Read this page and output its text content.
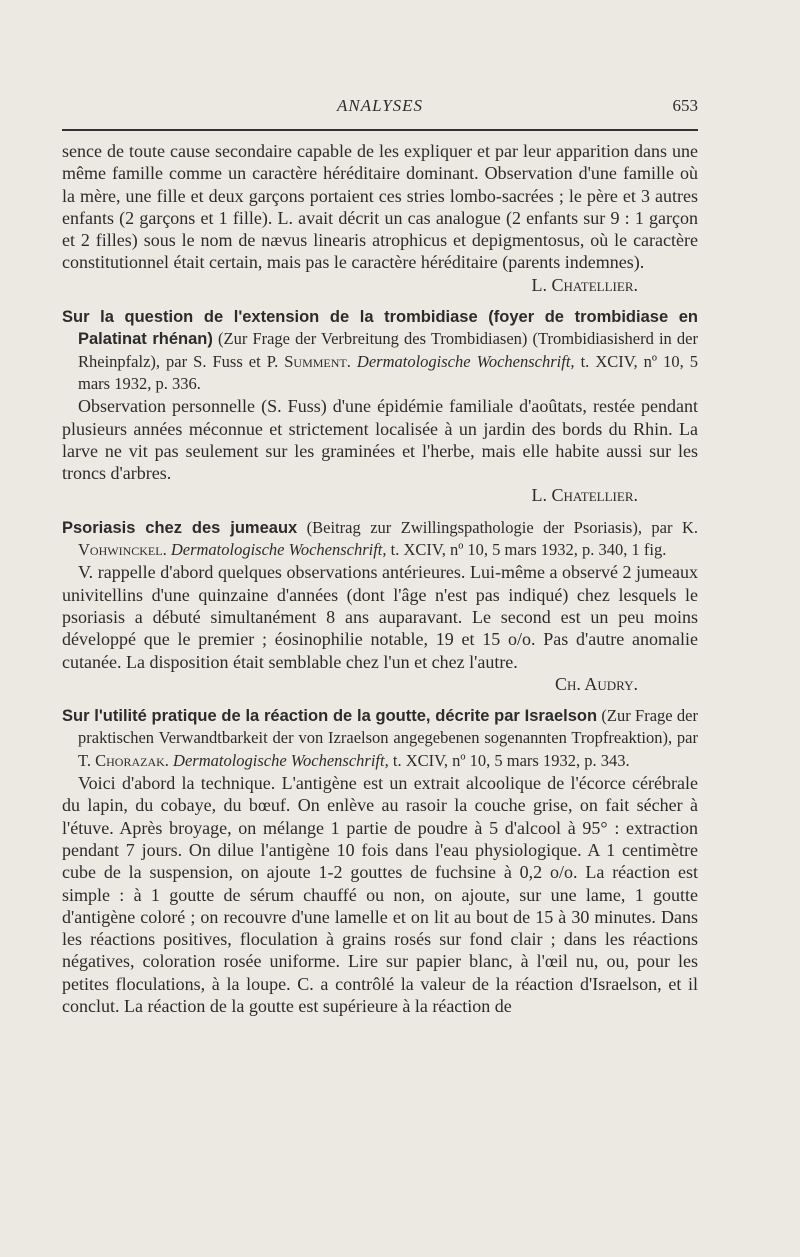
ANALYSES	653

sence de toute cause secondaire capable de les expliquer et par leur apparition dans une même famille comme un caractère héréditaire dominant. Observation d'une famille où la mère, une fille et deux garçons portaient ces stries lombo-sacrées ; le père et 3 autres enfants (2 garçons et 1 fille). L. avait décrit un cas analogue (2 enfants sur 9 : 1 garçon et 2 filles) sous le nom de nævus linearis atrophicus et depigmentosus, où le caractère constitutionnel était certain, mais pas le caractère héréditaire (parents indemnes).

L. Chatellier.

Sur la question de l'extension de la trombidiase (foyer de trombidiase en Palatinat rhénan) (Zur Frage der Verbreitung des Trombidiasen) (Trombidiasisherd in der Rheinpfalz), par S. Fuss et P. Summent. Dermatologische Wochenschrift, t. XCIV, nº 10, 5 mars 1932, p. 336.

Observation personnelle (S. Fuss) d'une épidémie familiale d'aoûtats, restée pendant plusieurs années méconnue et strictement localisée à un jardin des bords du Rhin. La larve ne vit pas seulement sur les graminées et l'herbe, mais elle habite aussi sur les troncs d'arbres.

L. Chatellier.

Psoriasis chez des jumeaux (Beitrag zur Zwillingspathologie der Psoriasis), par K. Vohwinckel. Dermatologische Wochenschrift, t. XCIV, nº 10, 5 mars 1932, p. 340, 1 fig.

V. rappelle d'abord quelques observations antérieures. Lui-même a observé 2 jumeaux univitellins d'une quinzaine d'années (dont l'âge n'est pas indiqué) chez lesquels le psoriasis a débuté simultanément 8 ans auparavant. Le second est un peu moins développé que le premier ; éosinophilie notable, 19 et 15 o/o. Pas d'autre anomalie cutanée. La disposition était semblable chez l'un et chez l'autre.

Ch. Audry.

Sur l'utilité pratique de la réaction de la goutte, décrite par Israelson (Zur Frage der praktischen Verwandtbarkeit der von Izraelson angegebenen sogenannten Tropfreaktion), par T. Chorazak. Dermatologische Wochenschrift, t. XCIV, nº 10, 5 mars 1932, p. 343.

Voici d'abord la technique. L'antigène est un extrait alcoolique de l'écorce cérébrale du lapin, du cobaye, du bœuf. On enlève au rasoir la couche grise, on fait sécher à l'étuve. Après broyage, on mélange 1 partie de poudre à 5 d'alcool à 95° : extraction pendant 7 jours. On dilue l'antigène 10 fois dans l'eau physiologique. A 1 centimètre cube de la suspension, on ajoute 1-2 gouttes de fuchsine à 0,2 o/o. La réaction est simple : à 1 goutte de sérum chauffé ou non, on ajoute, sur une lame, 1 goutte d'antigène coloré ; on recouvre d'une lamelle et on lit au bout de 15 à 30 minutes. Dans les réactions positives, floculation à grains rosés sur fond clair ; dans les réactions négatives, coloration rosée uniforme. Lire sur papier blanc, à l'œil nu, ou, pour les petites floculations, à la loupe. C. a contrôlé la valeur de la réaction d'Israelson, et il conclut. La réaction de la goutte est supérieure à la réaction de
